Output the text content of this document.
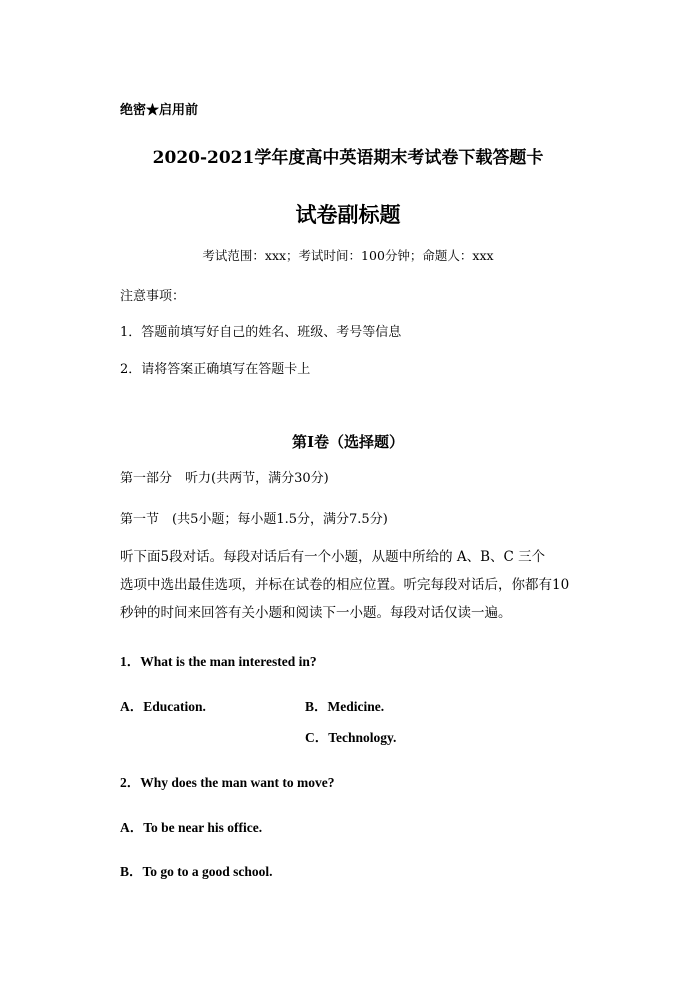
绝密★启用前
2020-2021学年度高中英语期末考试卷下载答题卡
试卷副标题
考试范围：xxx；考试时间：100分钟；命题人：xxx
注意事项：
1．答题前填写好自己的姓名、班级、考号等信息
2．请将答案正确填写在答题卡上
第I卷（选择题）
第一部分　听力(共两节，满分30分)
第一节　(共5小题；每小题1.5分，满分7.5分)
听下面5段对话。每段对话后有一个小题，从题中所给的 A、B、C 三个
选项中选出最佳选项，并标在试卷的相应位置。听完每段对话后，你都有10
秒钟的时间来回答有关小题和阅读下一小题。每段对话仅读一遍。
1．What is the man interested in?
A．Education.	B．Medicine.
C．Technology.
2．Why does the man want to move?
A．To be near his office.
B．To go to a good school.
